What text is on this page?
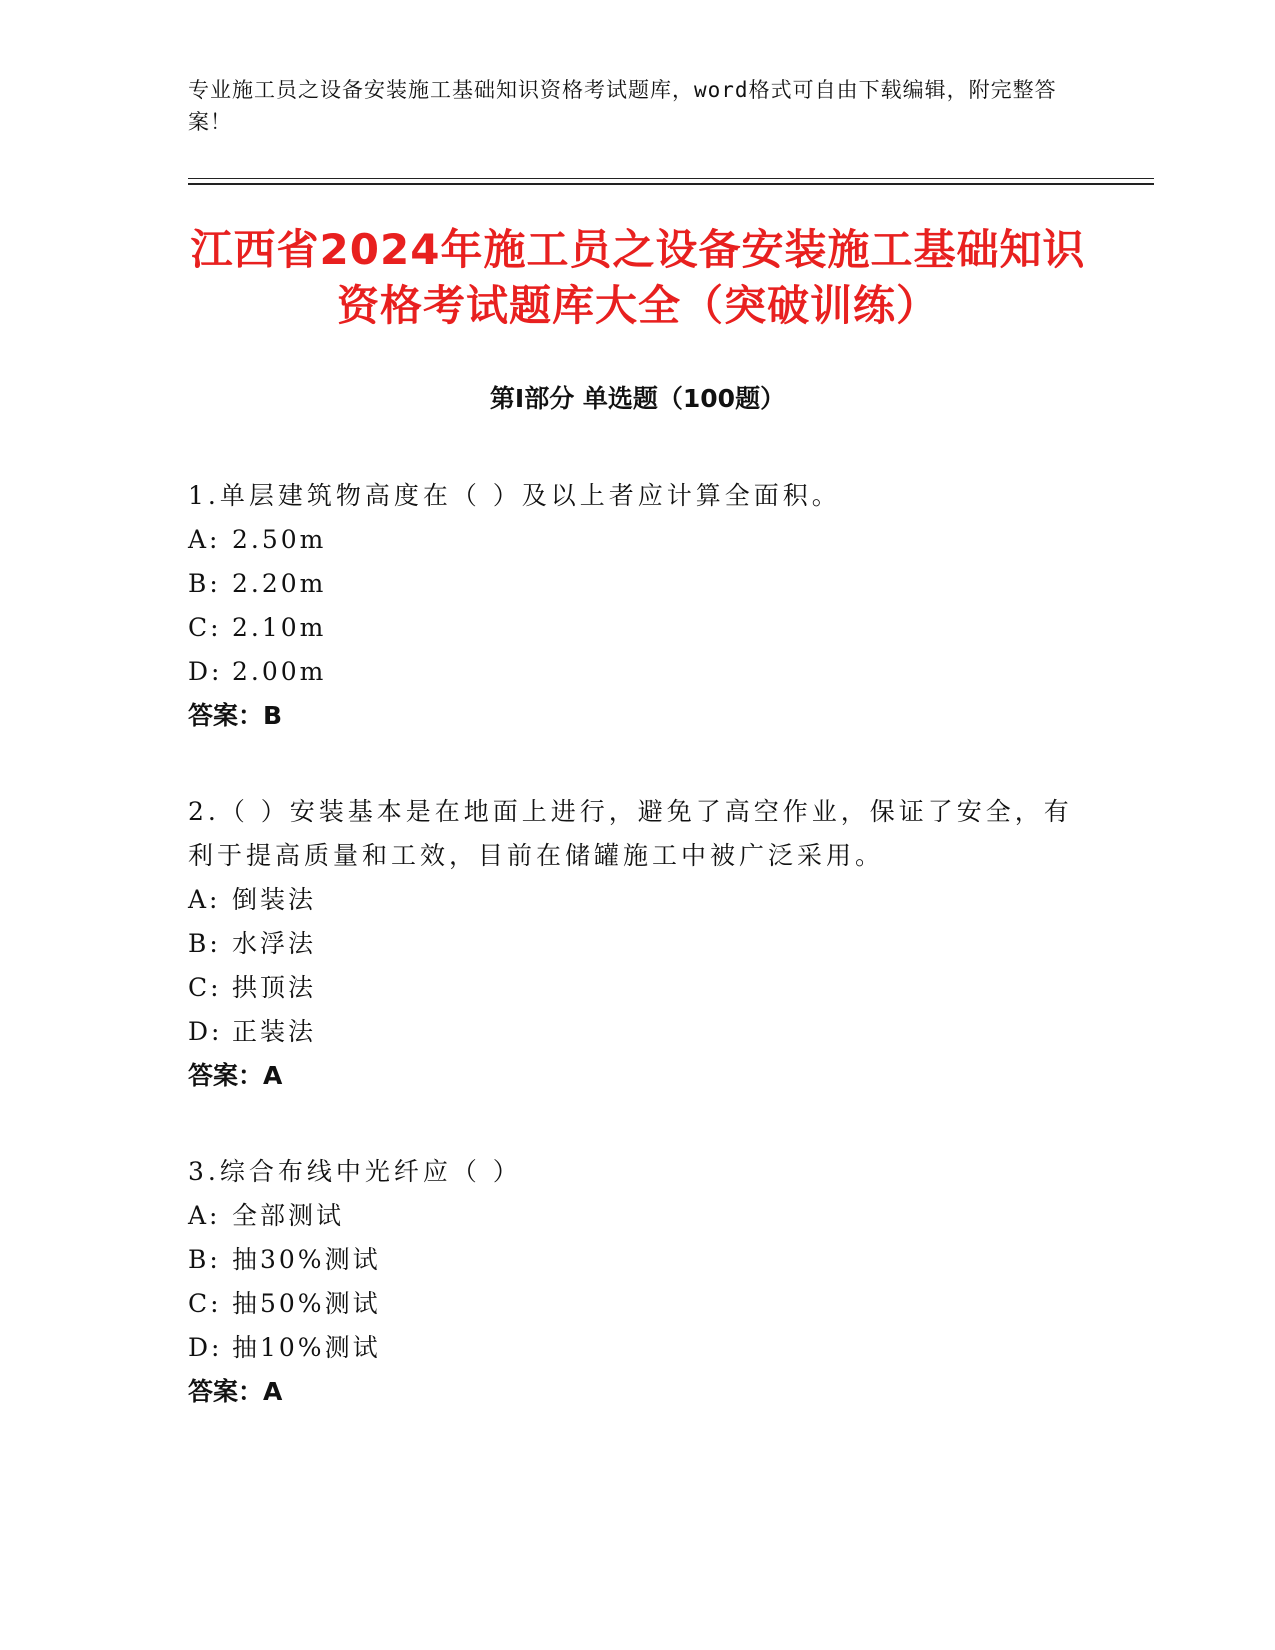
专业施工员之设备安装施工基础知识资格考试题库，word格式可自由下载编辑，附完整答案！
江西省2024年施工员之设备安装施工基础知识资格考试题库大全（突破训练）
第Ⅰ部分 单选题（100题）

1.单层建筑物高度在（ ）及以上者应计算全面积。

A: 2.50m

B: 2.20m

C: 2.10m

D: 2.00m

答案：B

2.（ ）安装基本是在地面上进行，避免了高空作业，保证了安全，有利于提高质量和工效，目前在储罐施工中被广泛采用。

A: 倒装法

B: 水浮法

C: 拱顶法

D: 正装法

答案：A

3.综合布线中光纤应（ ）

A: 全部测试

B: 抽30%测试

C: 抽50%测试

D: 抽10%测试

答案：A
